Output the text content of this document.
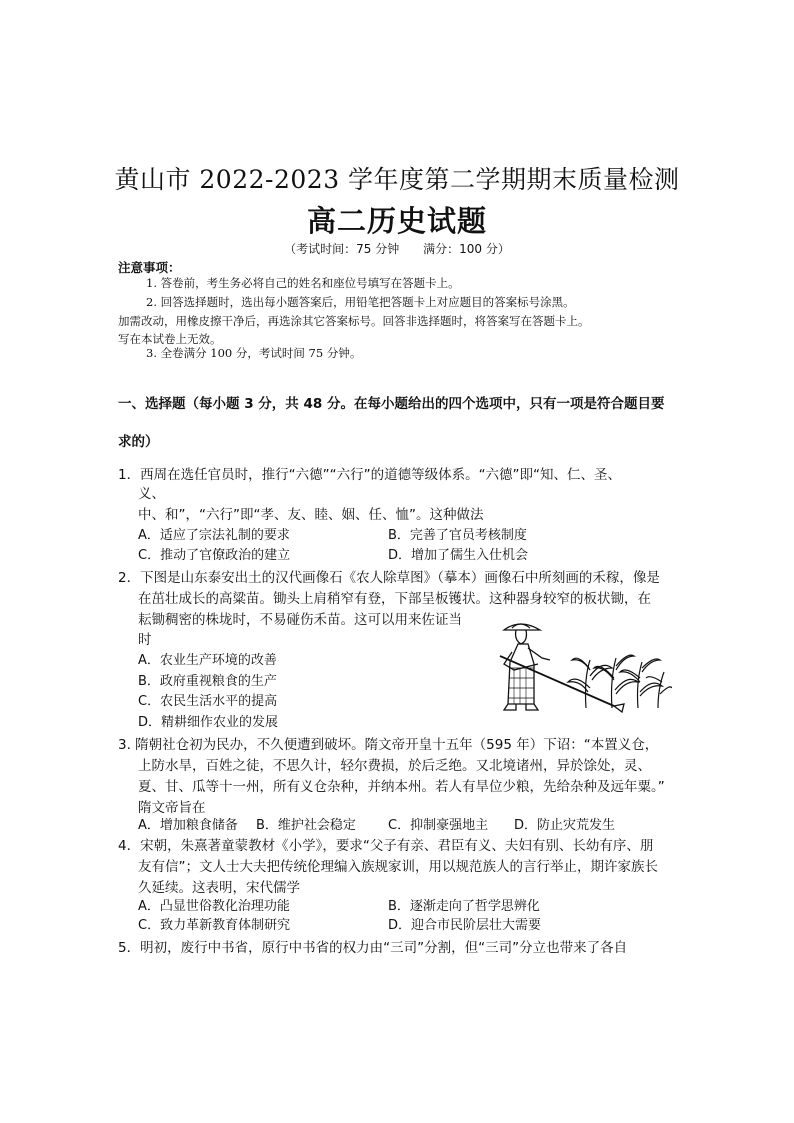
黄山市 2022-2023 学年度第二学期期末质量检测
高二历史试题
（考试时间：75 分钟 满分：100 分）
注意事项：
1. 答卷前，考生务必将自己的姓名和座位号填写在答题卡上。
2. 回答选择题时，选出每小题答案后，用铅笔把答题卡上对应题目的答案标号涂黑。
加需改动，用橡皮擦干净后，再选涂其它答案标号。回答非选择题时，将答案写在答题卡上。
写在本试卷上无效。
3. 全卷满分 100 分，考试时间 75 分钟。
一、选择题（每小题 3 分，共 48 分。在每小题给出的四个选项中，只有一项是符合题目要
求的）
1．西周在选任官员时，推行“六德”“六行”的道德等级体系。“六德”即“知、仁、圣、
义、
中、和”，“六行”即“孝、友、睦、姻、任、恤”。这种做法
A．适应了宗法礼制的要求	B．完善了官员考核制度
C．推动了官僚政治的建立	D．增加了儒生入仕机会
2．下图是山东泰安出土的汉代画像石《农人除草图》（摹本）画像石中所刻画的禾稼，像是
在茁壮成长的高粱苗。锄头上肩稍窄有登，下部呈板镬状。这种器身较窄的板状锄，在
耘锄稠密的株垅时，不易碰伤禾苗。这可以用来佐证当
时
A．农业生产环境的改善
B．政府重视粮食的生产
C．农民生活水平的提高
D．精耕细作农业的发展
3. 隋朝社仓初为民办，不久便遭到破坏。隋文帝开皇十五年（595 年）下诏：“本置义仓，
上防水旱，百姓之徒，不思久计，轻尔费损，於后乏绝。又北境诸州，异於馀处，灵、
夏、甘、瓜等十一州，所有义仓杂种，并纳本州。若人有旱位少粮，先给杂种及远年粟。”
隋文帝旨在
A．增加粮食储备 B．维护社会稳定 C．抑制豪强地主 D．防止灾荒发生
4．宋朝，朱熹著童蒙教材《小学》，要求“父子有亲、君臣有义、夫妇有别、长幼有序、朋
友有信”；文人士大夫把传统伦理编入族规家训，用以规范族人的言行举止，期许家族长
久延续。这表明，宋代儒学
A．凸显世俗教化治理功能	B．逐渐走向了哲学思辨化
C．致力革新教育体制研究	D．迎合市民阶层壮大需要
5．明初，废行中书省，原行中书省的权力由“三司”分割，但“三司”分立也带来了各自
